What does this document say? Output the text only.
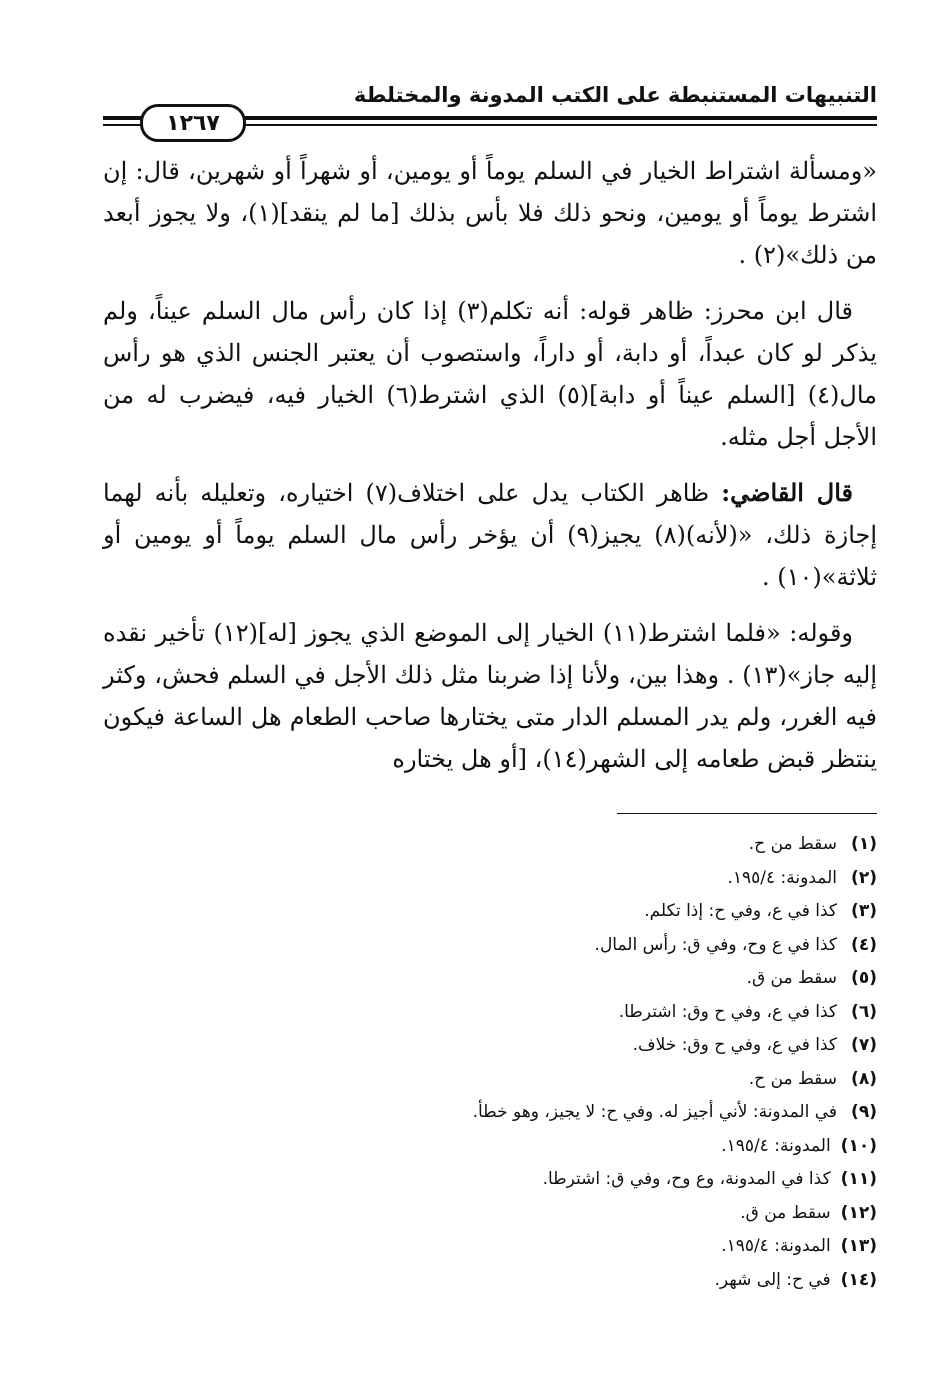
التنبيهات المستنبطة على الكتب المدونة والمختلطة
١٢٦٧

«ومسألة اشتراط الخيار في السلم يوماً أو يومين، أو شهراً أو شهرين، قال: إن اشترط يوماً أو يومين، ونحو ذلك فلا بأس بذلك [ما لم ينقد](١)، ولا يجوز أبعد من ذلك»(٢) .

قال ابن محرز: ظاهر قوله: أنه تكلم(٣) إذا كان رأس مال السلم عيناً، ولم يذكر لو كان عبداً، أو دابة، أو داراً، واستصوب أن يعتبر الجنس الذي هو رأس مال(٤) [السلم عيناً أو دابة](٥) الذي اشترط(٦) الخيار فيه، فيضرب له من الأجل أجل مثله.

قال القاضي: ظاهر الكتاب يدل على اختلاف(٧) اختياره، وتعليله بأنه لهما إجازة ذلك، «(لأنه)(٨) يجيز(٩) أن يؤخر رأس مال السلم يوماً أو يومين أو ثلاثة»(١٠) .

وقوله: «فلما اشترط(١١) الخيار إلى الموضع الذي يجوز [له](١٢) تأخير نقده إليه جاز»(١٣) . وهذا بين، ولأنا إذا ضربنا مثل ذلك الأجل في السلم فحش، وكثر فيه الغرر، ولم يدر المسلم الدار متى يختارها صاحب الطعام هل الساعة فيكون ينتظر قبض طعامه إلى الشهر(١٤)، [أو هل يختاره

(١)
سقط من ح.
(٢)
المدونة: ١٩٥/٤.
(٣)
كذا في ع، وفي ح: إذا تكلم.
(٤)
كذا في ع وح، وفي ق: رأس المال.
(٥)
سقط من ق.
(٦)
كذا في ع، وفي ح وق: اشترطا.
(٧)
كذا في ع، وفي ح وق: خلاف.
(٨)
سقط من ح.
(٩)
في المدونة: لأني أجيز له. وفي ح: لا يجيز، وهو خطأ.
(١٠)
المدونة: ١٩٥/٤.
(١١)
كذا في المدونة، وع وح، وفي ق: اشترطا.
(١٢)
سقط من ق.
(١٣)
المدونة: ١٩٥/٤.
(١٤)
في ح: إلى شهر.
